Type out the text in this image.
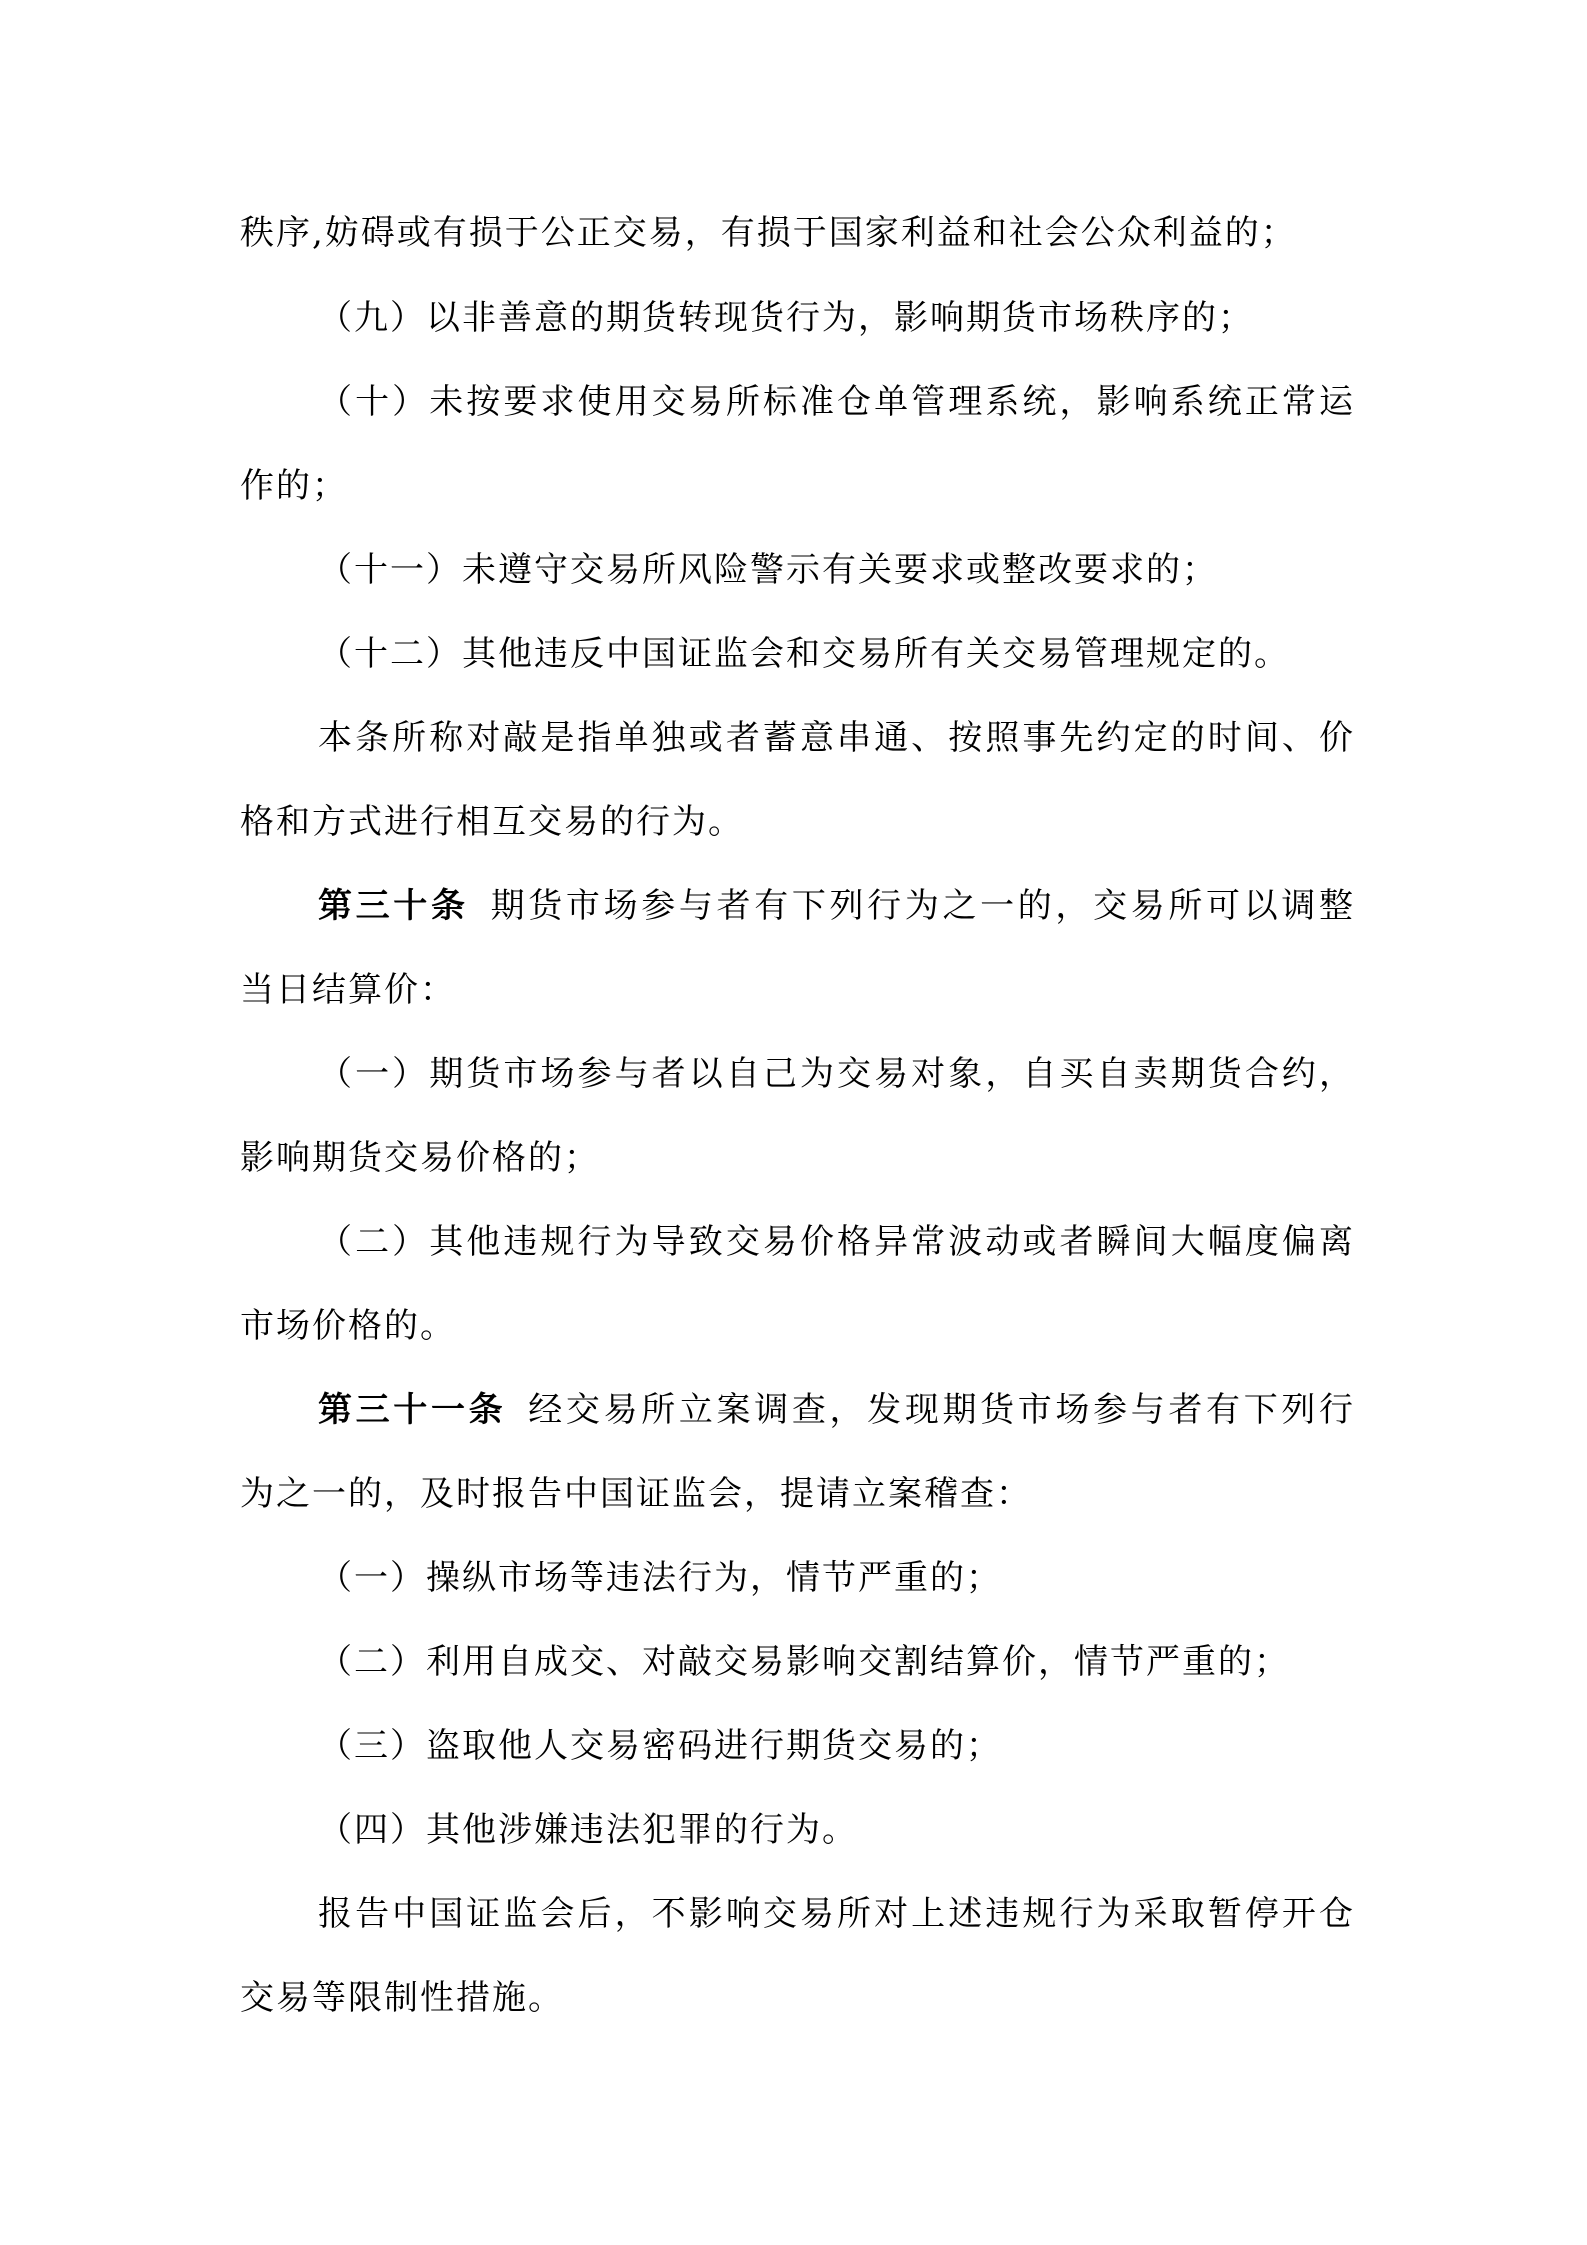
秩序,妨碍或有损于公正交易，有损于国家利益和社会公众利益的；
（九）以非善意的期货转现货行为，影响期货市场秩序的；
（十）未按要求使用交易所标准仓单管理系统，影响系统正常运
作的；
（十一）未遵守交易所风险警示有关要求或整改要求的；
（十二）其他违反中国证监会和交易所有关交易管理规定的。
本条所称对敲是指单独或者蓄意串通、按照事先约定的时间、价
格和方式进行相互交易的行为。
第三十条 期货市场参与者有下列行为之一的，交易所可以调整
当日结算价：
（一）期货市场参与者以自己为交易对象，自买自卖期货合约，
影响期货交易价格的；
（二）其他违规行为导致交易价格异常波动或者瞬间大幅度偏离
市场价格的。
第三十一条 经交易所立案调查，发现期货市场参与者有下列行
为之一的，及时报告中国证监会，提请立案稽查：
（一）操纵市场等违法行为，情节严重的；
（二）利用自成交、对敲交易影响交割结算价，情节严重的；
（三）盗取他人交易密码进行期货交易的；
（四）其他涉嫌违法犯罪的行为。
报告中国证监会后，不影响交易所对上述违规行为采取暂停开仓
交易等限制性措施。
